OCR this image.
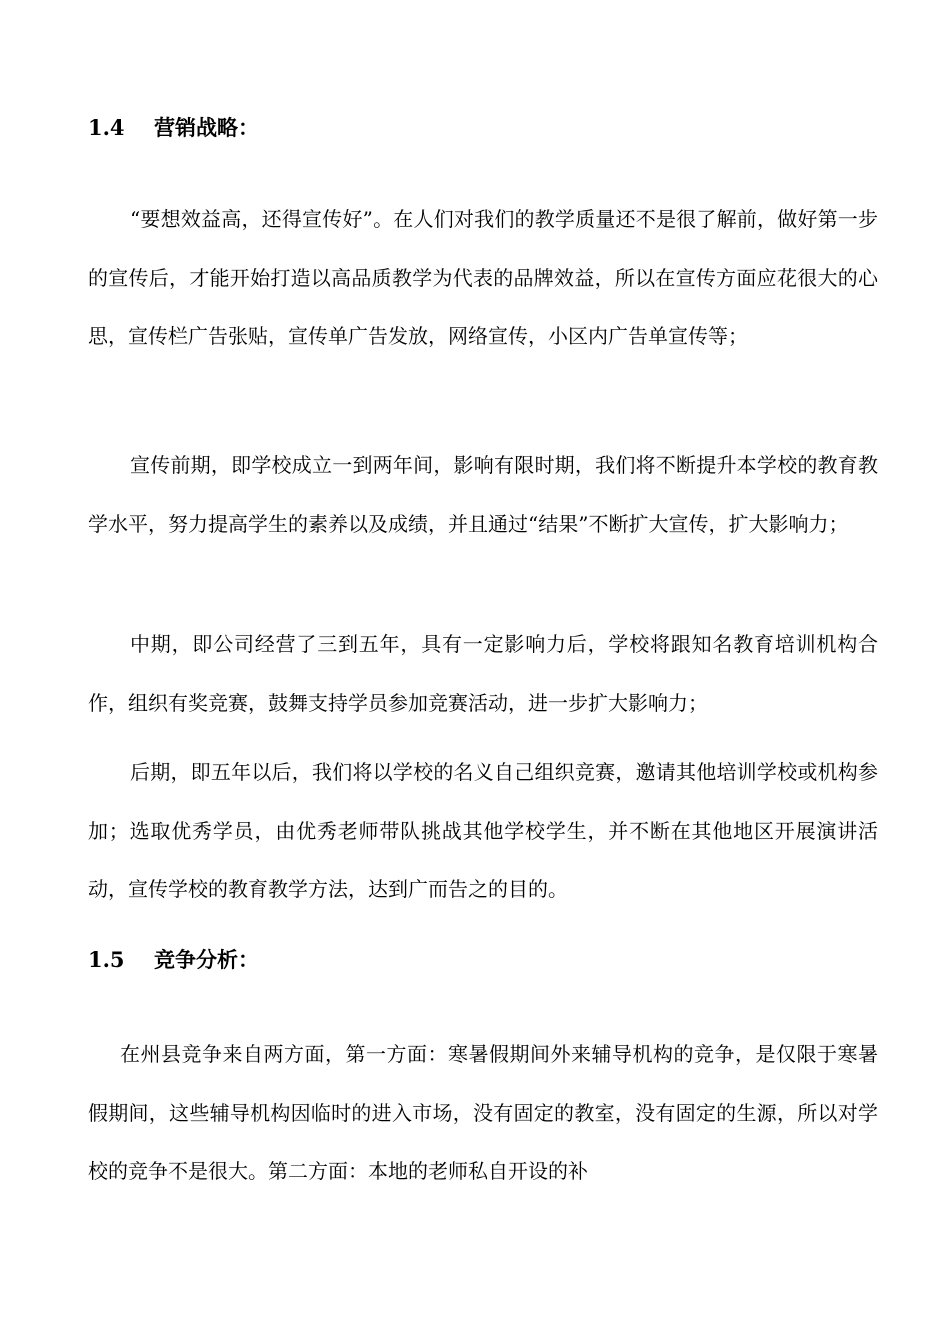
1.4 营销战略：

“要想效益高，还得宣传好”。在人们对我们的教学质量还不是很了解前，做好第一步的宣传后，才能开始打造以高品质教学为代表的品牌效益，所以在宣传方面应花很大的心思，宣传栏广告张贴，宣传单广告发放，网络宣传，小区内广告单宣传等；

宣传前期，即学校成立一到两年间，影响有限时期，我们将不断提升本学校的教育教学水平，努力提高学生的素养以及成绩，并且通过“结果”不断扩大宣传，扩大影响力；

中期，即公司经营了三到五年，具有一定影响力后，学校将跟知名教育培训机构合作，组织有奖竞赛，鼓舞支持学员参加竞赛活动，进一步扩大影响力；

后期，即五年以后，我们将以学校的名义自己组织竞赛，邀请其他培训学校或机构参加；选取优秀学员，由优秀老师带队挑战其他学校学生，并不断在其他地区开展演讲活动，宣传学校的教育教学方法，达到广而告之的目的。

1.5 竞争分析：

在州县竞争来自两方面，第一方面：寒暑假期间外来辅导机构的竞争，是仅限于寒暑假期间，这些辅导机构因临时的进入市场，没有固定的教室，没有固定的生源，所以对学校的竞争不是很大。第二方面：本地的老师私自开设的补
